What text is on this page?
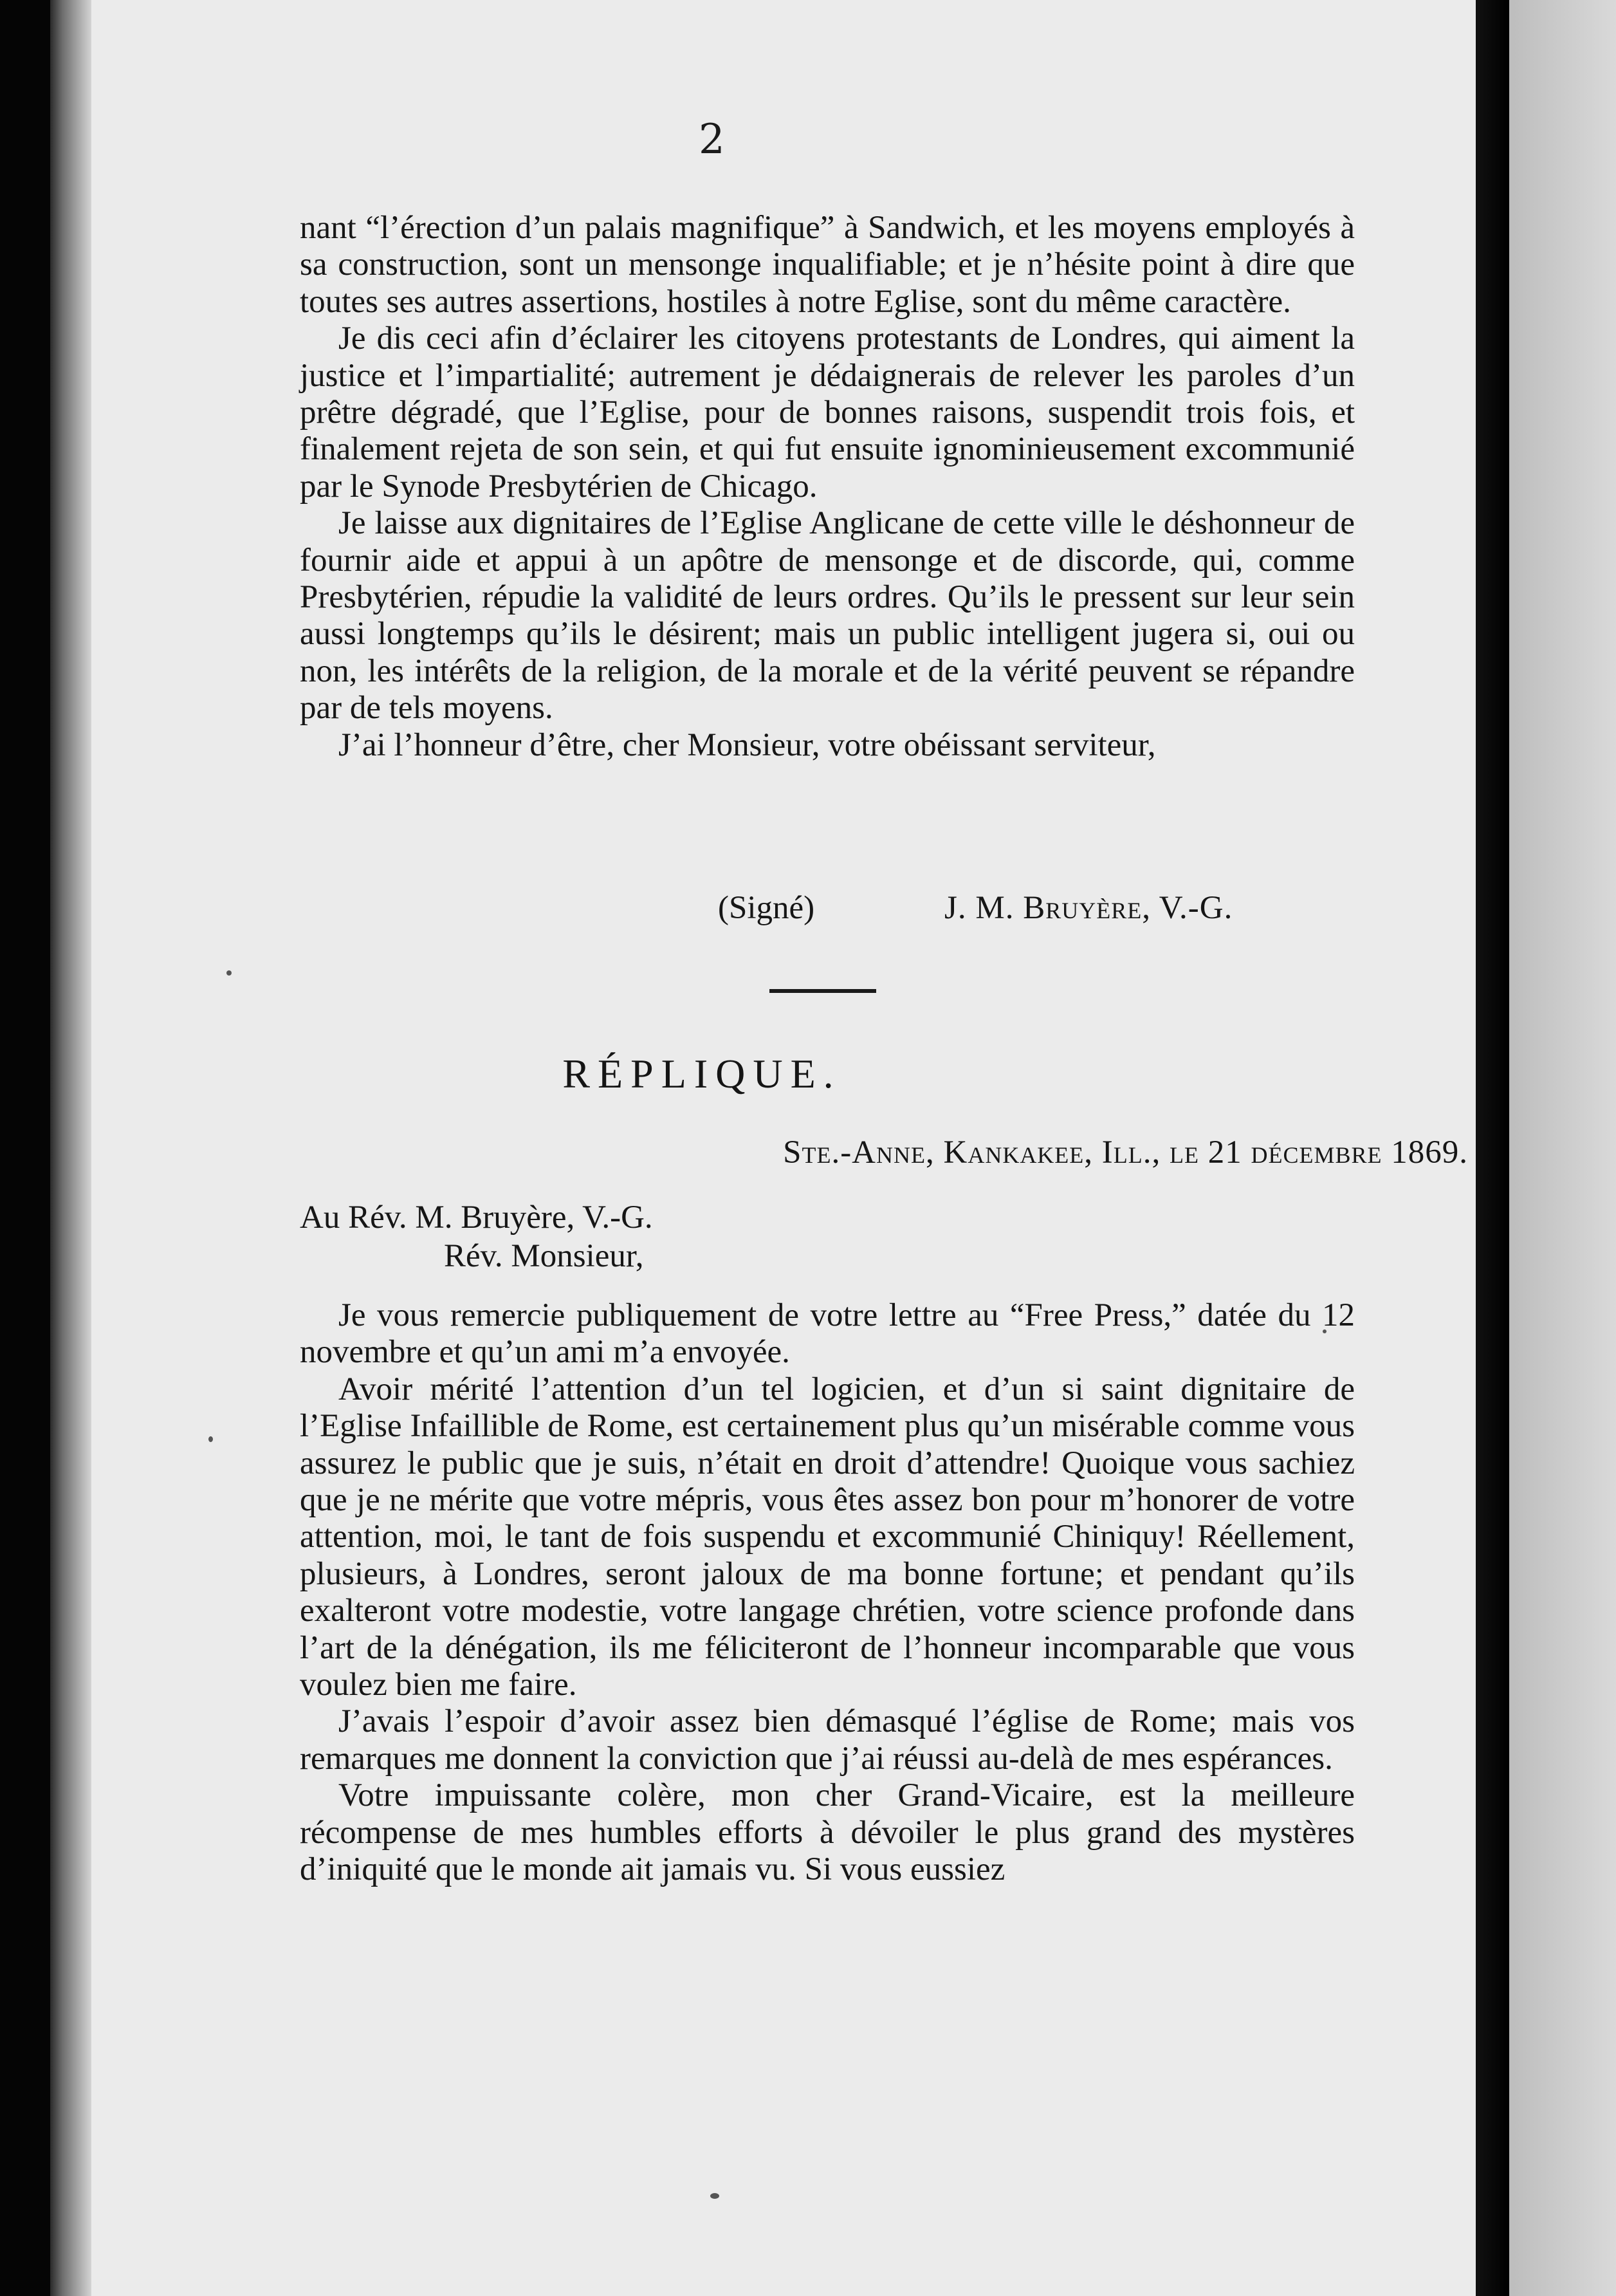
2

nant “l’érection d’un palais magnifique” à Sandwich, et les moyens employés à sa construction, sont un mensonge inqualifiable; et je n’hésite point à dire que toutes ses autres assertions, hostiles à notre Eglise, sont du même caractère.

Je dis ceci afin d’éclairer les citoyens protestants de Londres, qui aiment la justice et l’impartialité; autrement je dédaignerais de relever les paroles d’un prêtre dégradé, que l’Eglise, pour de bonnes raisons, suspendit trois fois, et finalement rejeta de son sein, et qui fut ensuite ignominieusement excommunié par le Synode Presbytérien de Chicago.

Je laisse aux dignitaires de l’Eglise Anglicane de cette ville le déshonneur de fournir aide et appui à un apôtre de mensonge et de discorde, qui, comme Presbytérien, répudie la validité de leurs ordres. Qu’ils le pressent sur leur sein aussi longtemps qu’ils le désirent; mais un public intelligent jugera si, oui ou non, les intérêts de la religion, de la morale et de la vérité peuvent se répandre par de tels moyens.

J’ai l’honneur d’être, cher Monsieur, votre obéissant serviteur,

(Signé)	J. M. Bruyère, V.-G.
RÉPLIQUE.
Ste.-Anne, Kankakee, Ill., le 21 décembre 1869.
Au Rév. M. Bruyère, V.-G.
Rév. Monsieur,

Je vous remercie publiquement de votre lettre au “Free Press,” datée du 12 novembre et qu’un ami m’a envoyée.

Avoir mérité l’attention d’un tel logicien, et d’un si saint dignitaire de l’Eglise Infaillible de Rome, est certainement plus qu’un misérable comme vous assurez le public que je suis, n’était en droit d’attendre! Quoique vous sachiez que je ne mérite que votre mépris, vous êtes assez bon pour m’honorer de votre attention, moi, le tant de fois suspendu et excommunié Chiniquy! Réellement, plusieurs, à Londres, seront jaloux de ma bonne fortune; et pendant qu’ils exalteront votre modestie, votre langage chrétien, votre science profonde dans l’art de la dénégation, ils me féliciteront de l’honneur incomparable que vous voulez bien me faire.

J’avais l’espoir d’avoir assez bien démasqué l’église de Rome; mais vos remarques me donnent la conviction que j’ai réussi au-delà de mes espérances.

Votre impuissante colère, mon cher Grand-Vicaire, est la meilleure récompense de mes humbles efforts à dévoiler le plus grand des mystères d’iniquité que le monde ait jamais vu. Si vous eussiez
